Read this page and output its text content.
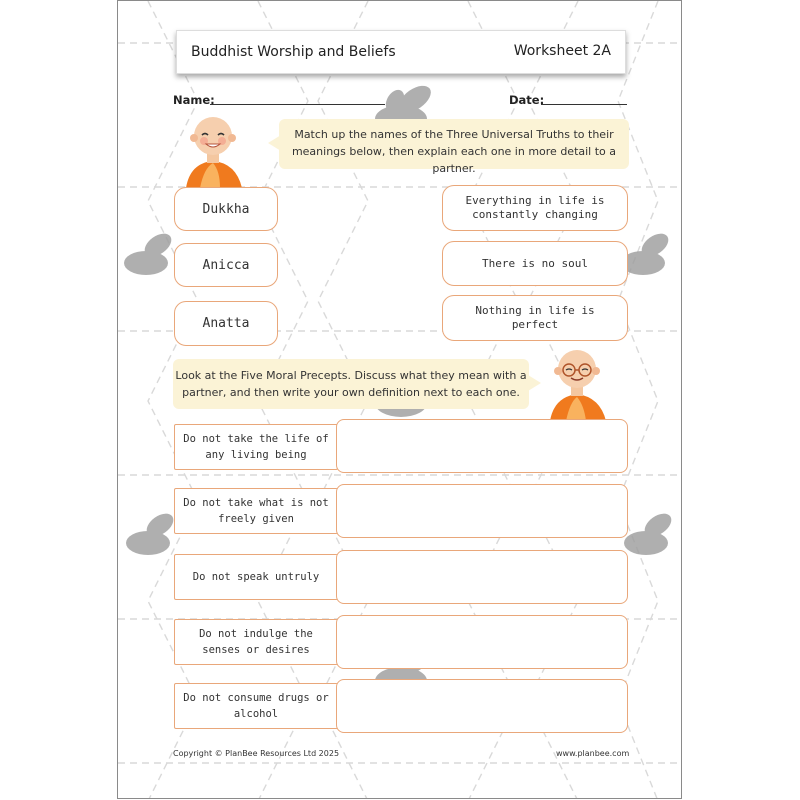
Buddhist Worship and Beliefs	Worksheet 2A
Name:	Date:
Match up the names of the Three Universal Truths to their meanings below, then explain each one in more detail to a partner.
Dukkha
Anicca
Anatta
Everything in life is constantly changing
There is no soul
Nothing in life is perfect
Look at the Five Moral Precepts. Discuss what they mean with a partner, and then write your own definition next to each one.
Do not take the life of any living being
Do not take what is not freely given
Do not speak untruly
Do not indulge the senses or desires
Do not consume drugs or alcohol
Copyright © PlanBee Resources Ltd 2025	www.planbee.com
